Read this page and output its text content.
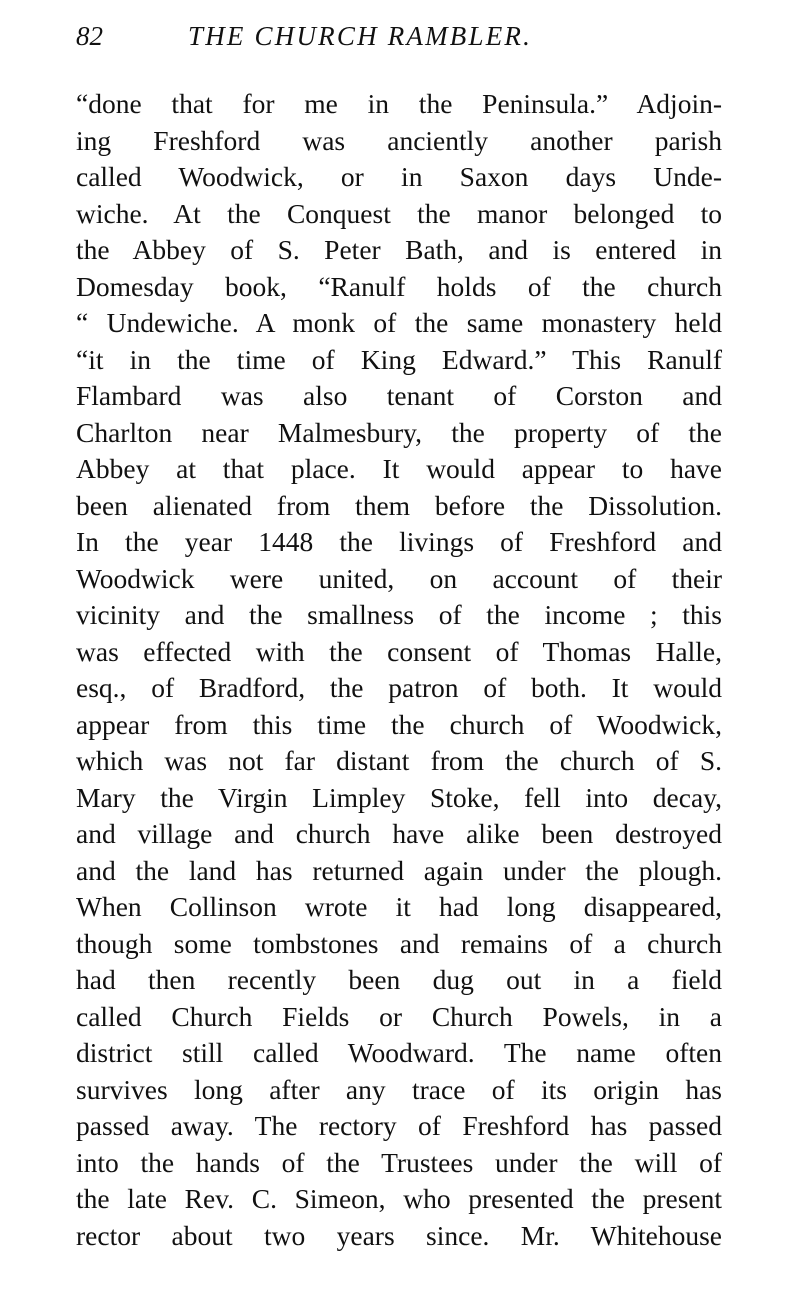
82	THE CHURCH RAMBLER.
“done that for me in the Peninsula.” Adjoin-
ing Freshford was anciently another parish
called Woodwick, or in Saxon days Unde-
wiche. At the Conquest the manor belonged to
the Abbey of S. Peter Bath, and is entered in
Domesday book, “Ranulf holds of the church
“ Undewiche. A monk of the same monastery held
“it in the time of King Edward.” This Ranulf
Flambard was also tenant of Corston and
Charlton near Malmesbury, the property of the
Abbey at that place. It would appear to have
been alienated from them before the Dissolution.
In the year 1448 the livings of Freshford and
Woodwick were united, on account of their
vicinity and the smallness of the income ; this
was effected with the consent of Thomas Halle,
esq., of Bradford, the patron of both. It would
appear from this time the church of Woodwick,
which was not far distant from the church of S.
Mary the Virgin Limpley Stoke, fell into decay,
and village and church have alike been destroyed
and the land has returned again under the plough.
When Collinson wrote it had long disappeared,
though some tombstones and remains of a church
had then recently been dug out in a field
called Church Fields or Church Powels, in a
district still called Woodward. The name often
survives long after any trace of its origin has
passed away. The rectory of Freshford has passed
into the hands of the Trustees under the will of
the late Rev. C. Simeon, who presented the present
rector about two years since. Mr. Whitehouse
